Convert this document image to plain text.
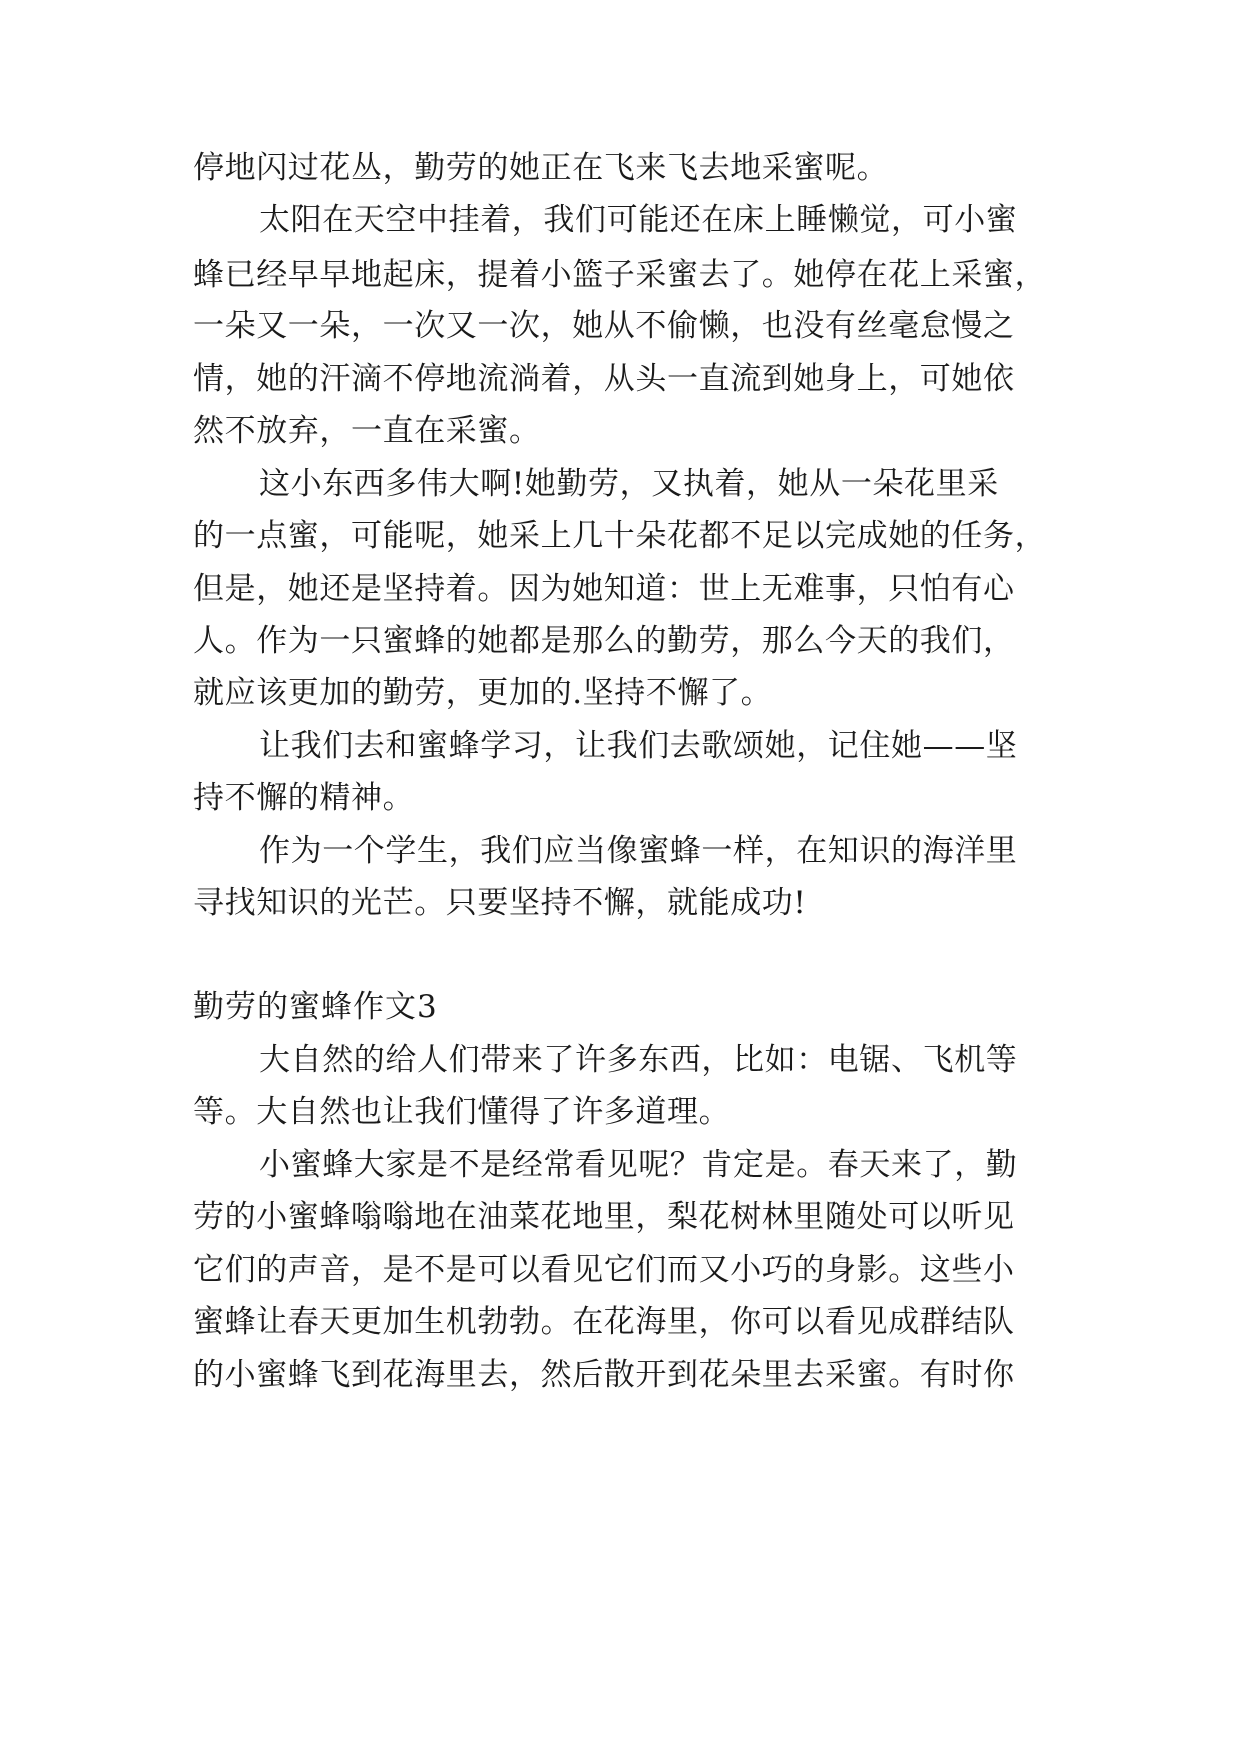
停地闪过花丛，勤劳的她正在飞来飞去地采蜜呢。
太阳在天空中挂着，我们可能还在床上睡懒觉，可小蜜
蜂已经早早地起床，提着小篮子采蜜去了。她停在花上采蜜，
一朵又一朵，一次又一次，她从不偷懒，也没有丝毫怠慢之
情，她的汗滴不停地流淌着，从头一直流到她身上，可她依
然不放弃，一直在采蜜。
这小东西多伟大啊!她勤劳，又执着，她从一朵花里采
的一点蜜，可能呢，她采上几十朵花都不足以完成她的任务，
但是，她还是坚持着。因为她知道：世上无难事，只怕有心
人。作为一只蜜蜂的她都是那么的勤劳，那么今天的我们，
就应该更加的勤劳，更加的.坚持不懈了。
让我们去和蜜蜂学习，让我们去歌颂她，记住她——坚
持不懈的精神。
作为一个学生，我们应当像蜜蜂一样，在知识的海洋里
寻找知识的光芒。只要坚持不懈，就能成功!
勤劳的蜜蜂作文3
大自然的给人们带来了许多东西，比如：电锯、飞机等
等。大自然也让我们懂得了许多道理。
小蜜蜂大家是不是经常看见呢？肯定是。春天来了，勤
劳的小蜜蜂嗡嗡地在油菜花地里，梨花树林里随处可以听见
它们的声音，是不是可以看见它们而又小巧的身影。这些小
蜜蜂让春天更加生机勃勃。在花海里，你可以看见成群结队
的小蜜蜂飞到花海里去，然后散开到花朵里去采蜜。有时你
